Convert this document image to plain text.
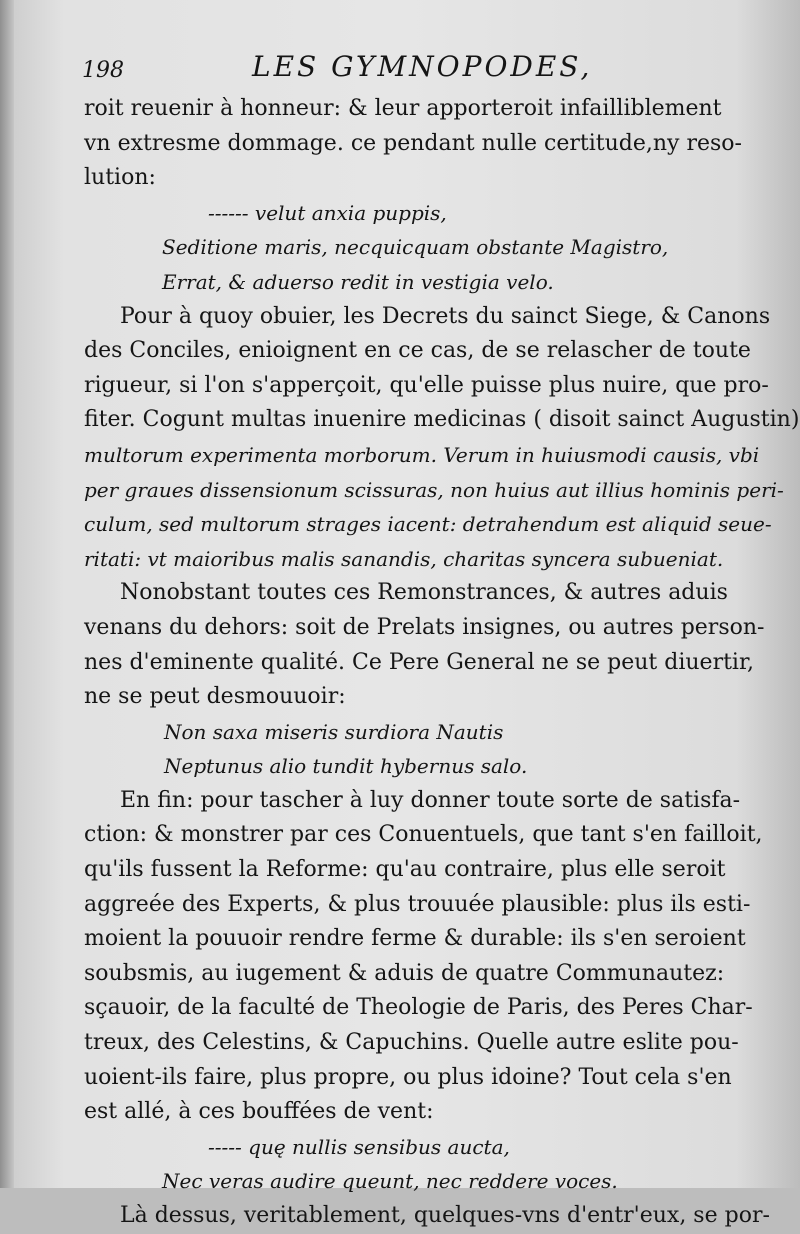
198	LES GYMNOPODES,
roit reuenir à honneur: & leur apporteroit infailliblement
vn extresme dommage. ce pendant nulle certitude,ny reso-
lution:
------ velut anxia puppis,
Seditione maris, necquicquam obstante Magistro,
Errat, & aduerso redit in vestigia velo.
Pour à quoy obuier, les Decrets du sainct Siege, & Canons
des Conciles, enioignent en ce cas, de se relascher de toute
rigueur, si l'on s'apperçoit, qu'elle puisse plus nuire, que pro-
fiter. Cogunt multas inuenire medicinas ( disoit sainct Augustin)
multorum experimenta morborum. Verum in huiusmodi causis, vbi
per graues dissensionum scissuras, non huius aut illius hominis peri-
culum, sed multorum strages iacent: detrahendum est aliquid seue-
ritati: vt maioribus malis sanandis, charitas syncera subueniat.
Nonobstant toutes ces Remonstrances, & autres aduis
venans du dehors: soit de Prelats insignes, ou autres person-
nes d'eminente qualité. Ce Pere General ne se peut diuertir,
ne se peut desmouuoir:
Non saxa miseris surdiora Nautis
Neptunus alio tundit hybernus salo.
En fin: pour tascher à luy donner toute sorte de satisfa-
ction: & monstrer par ces Conuentuels, que tant s'en failloit,
qu'ils fussent la Reforme: qu'au contraire, plus elle seroit
aggreée des Experts, & plus trouuée plausible: plus ils esti-
moient la pouuoir rendre ferme & durable: ils s'en seroient
soubsmis, au iugement & aduis de quatre Communautez:
sçauoir, de la faculté de Theologie de Paris, des Peres Char-
treux, des Celestins, & Capuchins. Quelle autre eslite pou-
uoient-ils faire, plus propre, ou plus idoine? Tout cela s'en
est allé, à ces bouffées de vent:
----- quę nullis sensibus aucta,
Nec veras audire queunt, nec reddere voces.
Là dessus, veritablement, quelques-vns d'entr'eux, se por-
